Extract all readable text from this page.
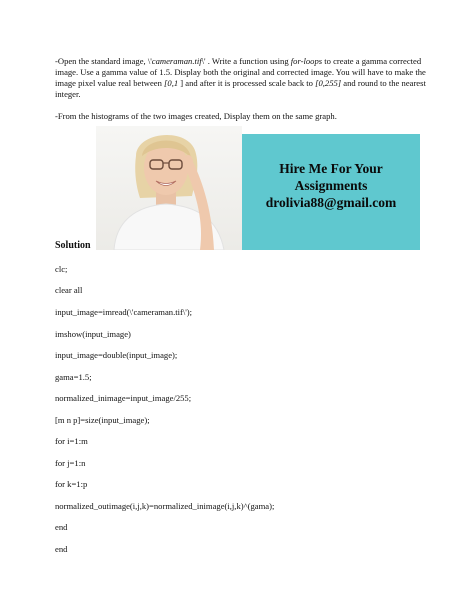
-Open the standard image, \'cameraman.tif\' . Write a function using for-loops to create a gamma corrected image. Use a gamma value of 1.5. Display both the original and corrected image. You will have to make the image pixel value real between [0,1 ] and after it is processed scale back to [0,255] and round to the nearest integer.

-From the histograms of the two images created, Display them on the same graph.

Hire Me For Your
Assignments
drolivia88@gmail.com
Solution
clc;
clear all
input_image=imread(\'cameraman.tif\');
imshow(input_image)
input_image=double(input_image);
gama=1.5;
normalized_inimage=input_image/255;
[m n p]=size(input_image);
for i=1:m
for j=1:n
for k=1:p
normalized_outimage(i,j,k)=normalized_inimage(i,j,k)^(gama);
end
end
